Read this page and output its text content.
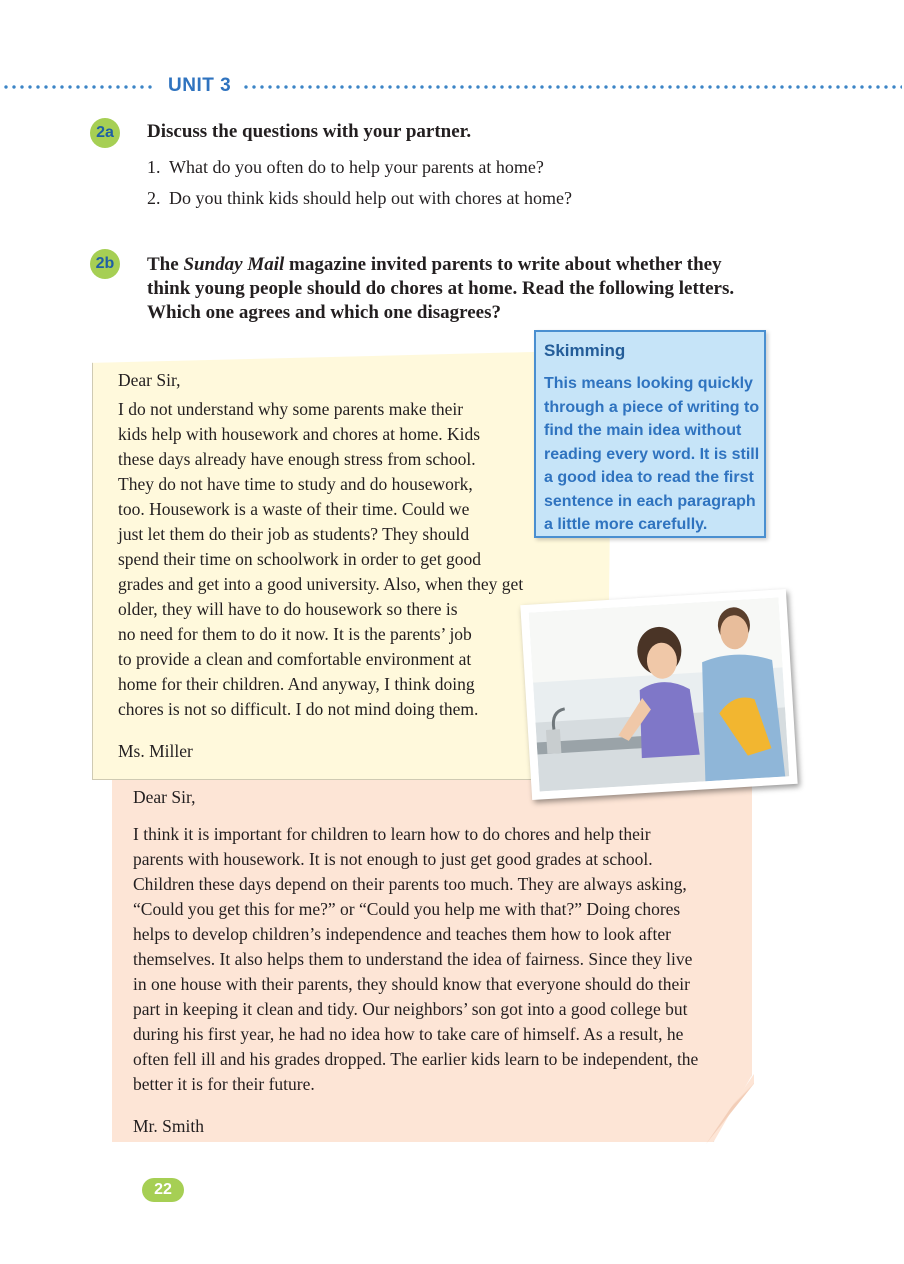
UNIT 3
2a	Discuss the questions with your partner.
1. What do you often do to help your parents at home?
2. Do you think kids should help out with chores at home?
2b The Sunday Mail magazine invited parents to write about whether they
think young people should do chores at home. Read the following letters.
Which one agrees and which one disagrees?

Dear Sir,

I think it is important for children to learn how to do chores and help their

parents with housework. It is not enough to just get good grades at school.

Children these days depend on their parents too much. They are always asking,

“Could you get this for me?” or “Could you help me with that?” Doing chores

helps to develop children’s independence and teaches them how to look after

themselves. It also helps them to understand the idea of fairness. Since they live

in one house with their parents, they should know that everyone should do their

part in keeping it clean and tidy. Our neighbors’ son got into a good college but

during his first year, he had no idea how to take care of himself. As a result, he

often fell ill and his grades dropped. The earlier kids learn to be independent, the

better it is for their future.

Mr. Smith

Dear Sir,

I do not understand why some parents make their

kids help with housework and chores at home. Kids

these days already have enough stress from school.

They do not have time to study and do housework,

too. Housework is a waste of their time. Could we

just let them do their job as students? They should

spend their time on schoolwork in order to get good

grades and get into a good university. Also, when they get

older, they will have to do housework so there is

no need for them to do it now. It is the parents’ job

to provide a clean and comfortable environment at

home for their children. And anyway, I think doing

chores is not so difficult. I do not mind doing them.

Ms. Miller

Skimming
This means looking quickly
through a piece of writing to
find the main idea without
reading every word. It is still
a good idea to read the first
sentence in each paragraph
a little more carefully.
22
